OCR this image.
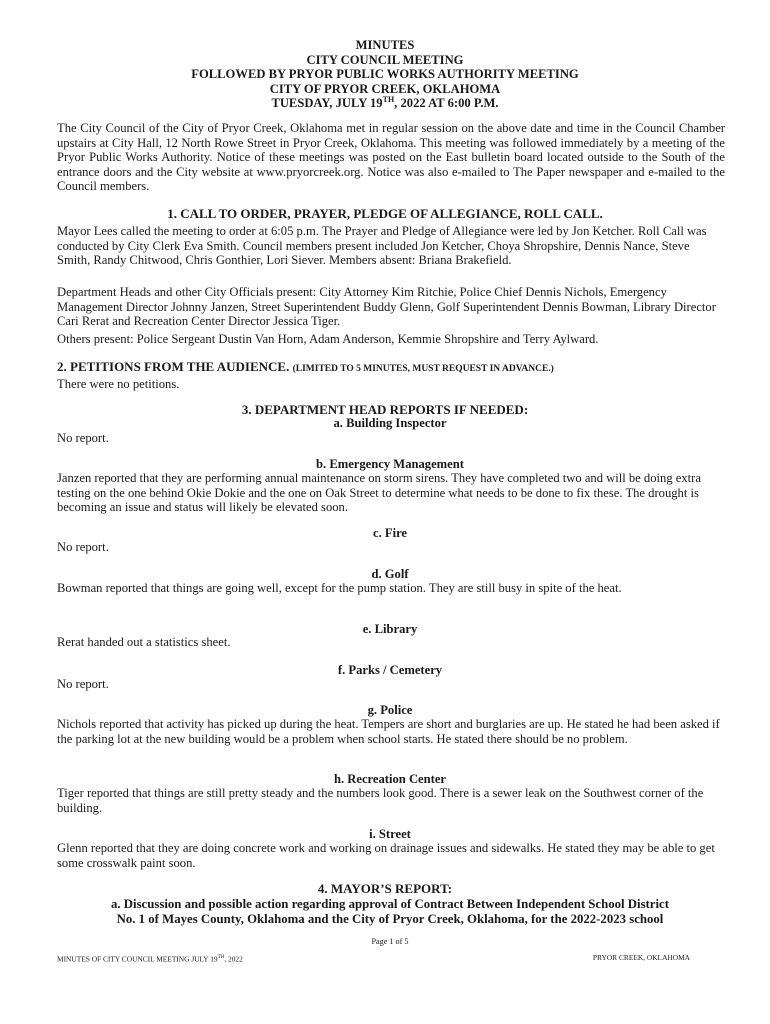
MINUTES
CITY COUNCIL MEETING
FOLLOWED BY PRYOR PUBLIC WORKS AUTHORITY MEETING
CITY OF PRYOR CREEK, OKLAHOMA
TUESDAY, JULY 19TH, 2022 AT 6:00 P.M.

The City Council of the City of Pryor Creek, Oklahoma met in regular session on the above date and time in the Council Chamber upstairs at City Hall, 12 North Rowe Street in Pryor Creek, Oklahoma. This meeting was followed immediately by a meeting of the Pryor Public Works Authority. Notice of these meetings was posted on the East bulletin board located outside to the South of the entrance doors and the City website at www.pryorcreek.org. Notice was also e-mailed to The Paper newspaper and e-mailed to the Council members.

1. CALL TO ORDER, PRAYER, PLEDGE OF ALLEGIANCE, ROLL CALL.

Mayor Lees called the meeting to order at 6:05 p.m. The Prayer and Pledge of Allegiance were led by Jon Ketcher. Roll Call was conducted by City Clerk Eva Smith. Council members present included Jon Ketcher, Choya Shropshire, Dennis Nance, Steve Smith, Randy Chitwood, Chris Gonthier, Lori Siever. Members absent: Briana Brakefield.

Department Heads and other City Officials present: City Attorney Kim Ritchie, Police Chief Dennis Nichols, Emergency Management Director Johnny Janzen, Street Superintendent Buddy Glenn, Golf Superintendent Dennis Bowman, Library Director Cari Rerat and Recreation Center Director Jessica Tiger.

Others present: Police Sergeant Dustin Van Horn, Adam Anderson, Kemmie Shropshire and Terry Aylward.

2. PETITIONS FROM THE AUDIENCE. (LIMITED TO 5 MINUTES, MUST REQUEST IN ADVANCE.)
There were no petitions.
3. DEPARTMENT HEAD REPORTS IF NEEDED:
a. Building Inspector

No report.

b. Emergency Management

Janzen reported that they are performing annual maintenance on storm sirens. They have completed two and will be doing extra testing on the one behind Okie Dokie and the one on Oak Street to determine what needs to be done to fix these. The drought is becoming an issue and status will likely be elevated soon.

c. Fire

No report.

d. Golf

Bowman reported that things are going well, except for the pump station. They are still busy in spite of the heat.

e. Library

Rerat handed out a statistics sheet.

f. Parks / Cemetery

No report.

g. Police

Nichols reported that activity has picked up during the heat. Tempers are short and burglaries are up. He stated he had been asked if the parking lot at the new building would be a problem when school starts. He stated there should be no problem.

h. Recreation Center

Tiger reported that things are still pretty steady and the numbers look good. There is a sewer leak on the Southwest corner of the building.

i. Street

Glenn reported that they are doing concrete work and working on drainage issues and sidewalks. He stated they may be able to get some crosswalk paint soon.

4. MAYOR’S REPORT:
a. Discussion and possible action regarding approval of Contract Between Independent School District
No. 1 of Mayes County, Oklahoma and the City of Pryor Creek, Oklahoma, for the 2022-2023 school
Page 1 of 5
MINUTES OF CITY COUNCIL MEETING JULY 19TH, 2022	PRYOR CREEK, OKLAHOMA
